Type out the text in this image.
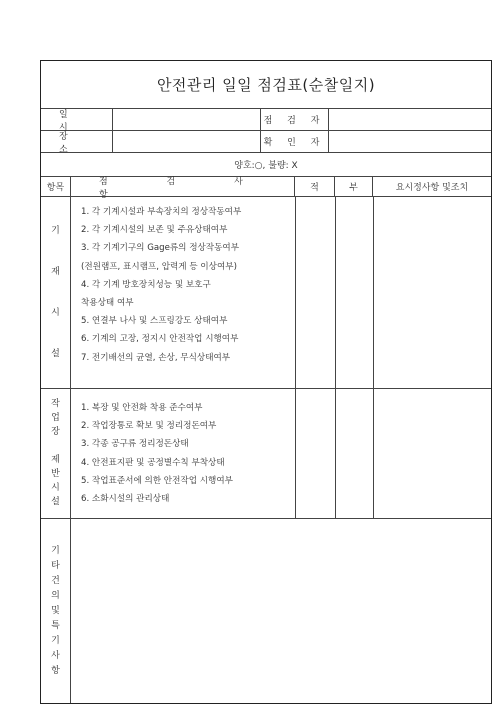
안전관리 일일 점검표(순찰일지)
일 시
점 검 자
장 소
확 인 자
양호:○, 불량: X
항목
점 검 사 항
적	부	요시정사항 및조치
기
재
시
설
1. 각 기계시설과 부속장치의 정상작동여부
2. 각 기계시설의 보존 및 주유상태여부
3. 각 기계기구의 Gage류의 정상작동여부
(전원램프, 표시램프, 압력게 등 이상여부)
4. 각 기계 방호장치성능 및 보호구
착용상태 여부
5. 연결부 나사 및 스프링강도 상태여부
6. 기계의 고장, 정지시 안전작업 시행여부
7. 전기배선의 균열, 손상, 무식상태여부
작
업
장
제
반
시
설
1. 복장 및 안전화 착용 준수여부
2. 작업장통로 확보 및 정리정돈여부
3. 각종 공구류 정리정돈상태
4. 안전표지판 및 공정별수칙 부착상태
5. 작업표준서에 의한 안전작업 시행여부
6. 소화시설의 관리상태
기
타
건
의
및
특
기
사
항
